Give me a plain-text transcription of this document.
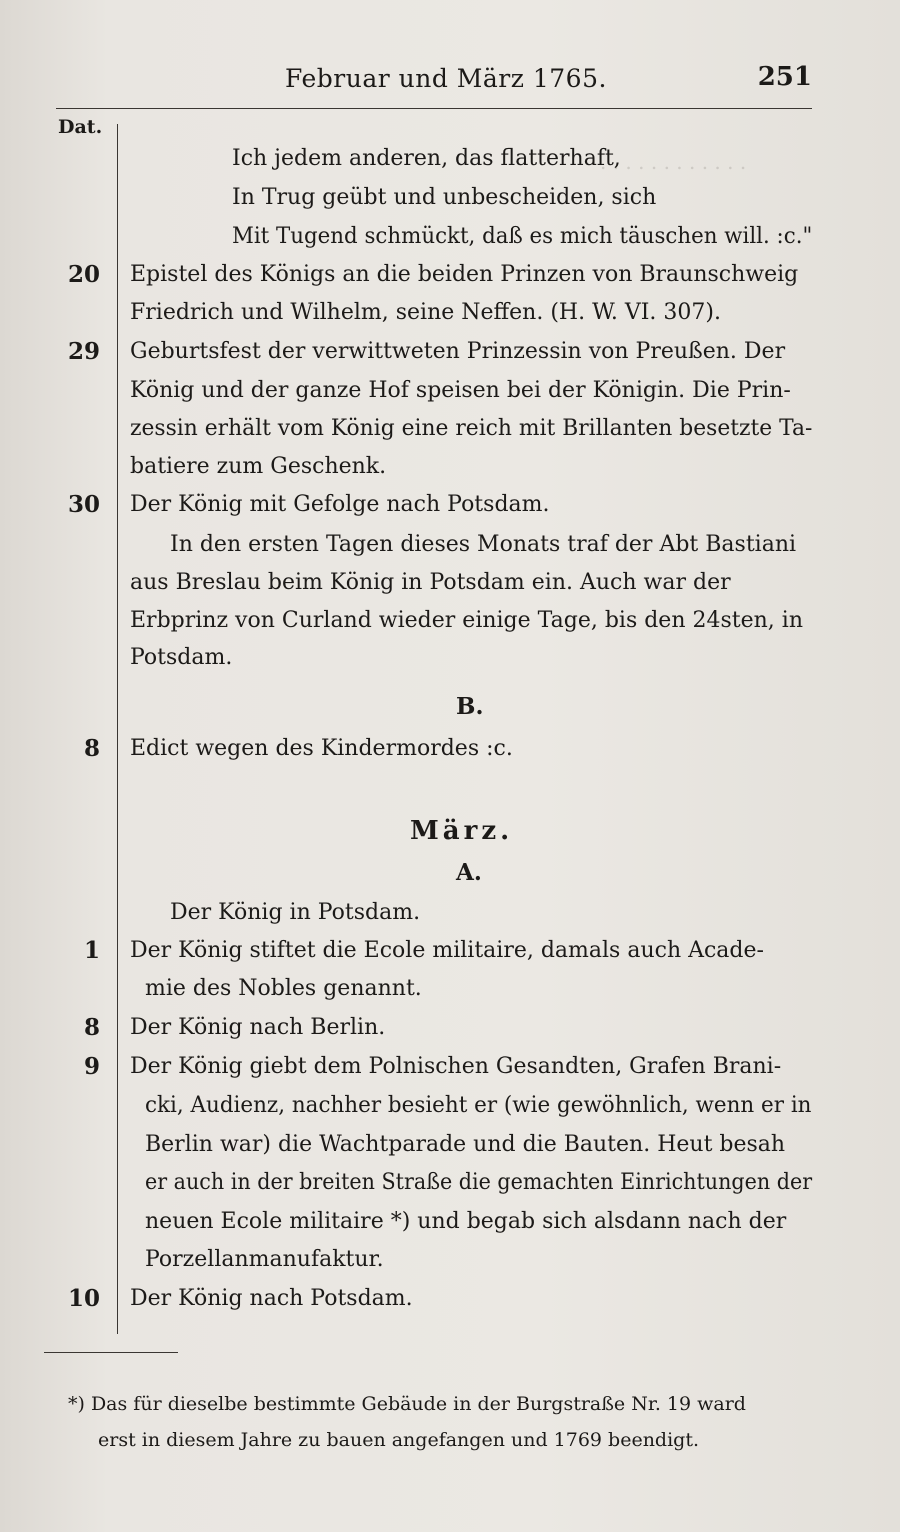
. . . . . . . . . . . .
Februar und März 1765.	251
Dat.
Ich jedem anderen, das flatterhaft,
In Trug geübt und unbescheiden, sich
Mit Tugend schmückt, daß es mich täuschen will. :c."
20 Epistel des Königs an die beiden Prinzen von Braunschweig
Friedrich und Wilhelm, seine Neffen. (H. W. VI. 307).
29 Geburtsfest der verwittweten Prinzessin von Preußen. Der
König und der ganze Hof speisen bei der Königin. Die Prin-
zessin erhält vom König eine reich mit Brillanten besetzte Ta-
batiere zum Geschenk.
30 Der König mit Gefolge nach Potsdam.
In den ersten Tagen dieses Monats traf der Abt Bastiani
aus Breslau beim König in Potsdam ein. Auch war der
Erbprinz von Curland wieder einige Tage, bis den 24sten, in
Potsdam.
B.
8 Edict wegen des Kindermordes :c.
März.
A.
Der König in Potsdam.
1 Der König stiftet die Ecole militaire, damals auch Acade-
mie des Nobles genannt.
8 Der König nach Berlin.
9 Der König giebt dem Polnischen Gesandten, Grafen Brani-
cki, Audienz, nachher besieht er (wie gewöhnlich, wenn er in
Berlin war) die Wachtparade und die Bauten. Heut besah
er auch in der breiten Straße die gemachten Einrichtungen der
neuen Ecole militaire *) und begab sich alsdann nach der
Porzellanmanufaktur.
10 Der König nach Potsdam.
*) Das für dieselbe bestimmte Gebäude in der Burgstraße Nr. 19 ward
erst in diesem Jahre zu bauen angefangen und 1769 beendigt.
